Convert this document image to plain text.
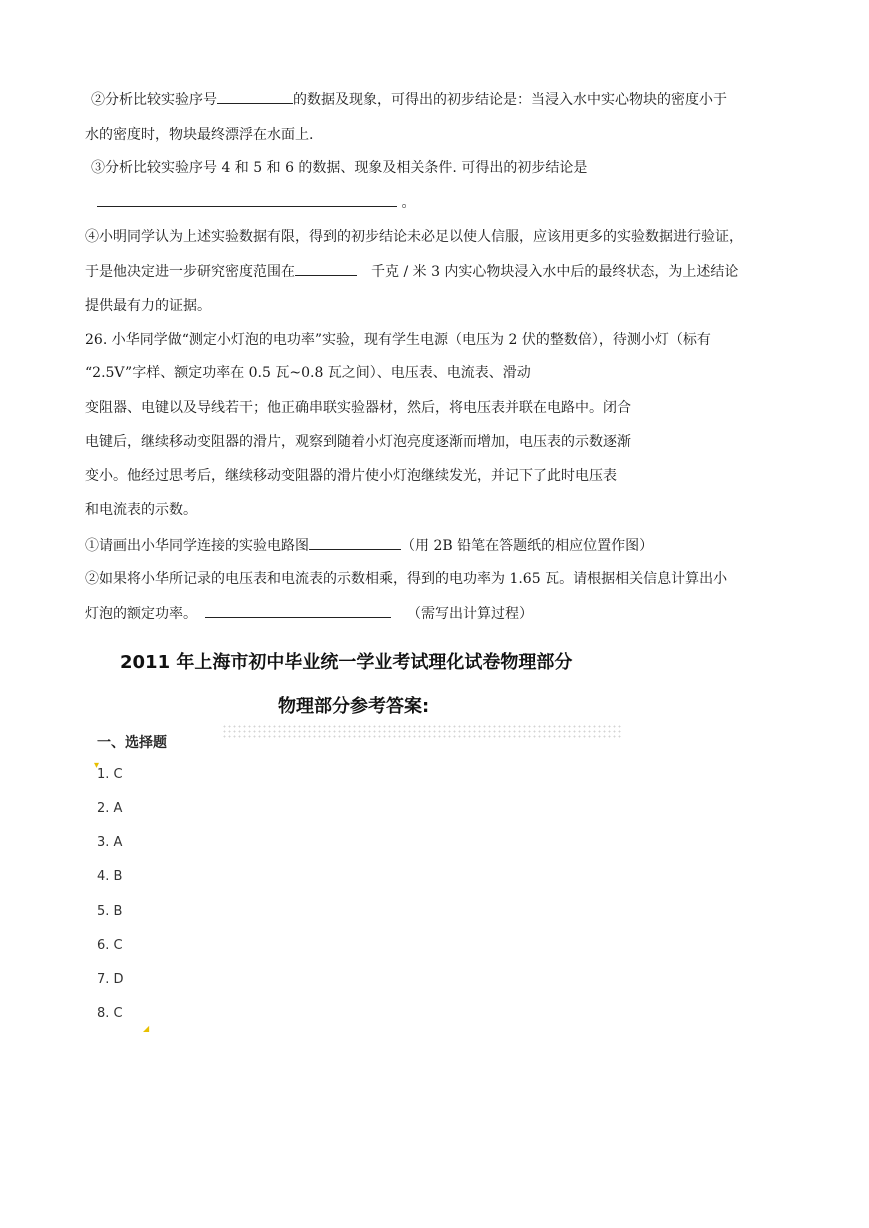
②分析比较实验序号	的数据及现象，可得出的初步结论是：当浸入水中实心物块的密度小于
水的密度时，物块最终漂浮在水面上.
③分析比较实验序号 4 和 5 和 6 的数据、现象及相关条件. 可得出的初步结论是
。
④小明同学认为上述实验数据有限，得到的初步结论未必足以使人信服，应该用更多的实验数据进行验证，
于是他决定进一步研究密度范围在	千克 / 米 3 内实心物块浸入水中后的最终状态，为上述结论
提供最有力的证据。
26. 小华同学做“测定小灯泡的电功率”实验，现有学生电源（电压为 2 伏的整数倍），待测小灯（标有
“2.5V”字样、额定功率在 0.5 瓦~0.8 瓦之间）、电压表、电流表、滑动
变阻器、电键以及导线若干；他正确串联实验器材，然后，将电压表并联在电路中。闭合
电键后，继续移动变阻器的滑片，观察到随着小灯泡亮度逐渐而增加，电压表的示数逐渐
变小。他经过思考后，继续移动变阻器的滑片使小灯泡继续发光，并记下了此时电压表
和电流表的示数。
①请画出小华同学连接的实验电路图	（用 2B 铅笔在答题纸的相应位置作图）
②如果将小华所记录的电压表和电流表的示数相乘，得到的电功率为 1.65 瓦。请根据相关信息计算出小
灯泡的额定功率。	（需写出计算过程）
2011 年上海市初中毕业统一学业考试理化试卷物理部分
物理部分参考答案:
一、选择题
▾
1. C
2. A
3. A
4. B
5. B
6. C
7. D
8. C
◢
